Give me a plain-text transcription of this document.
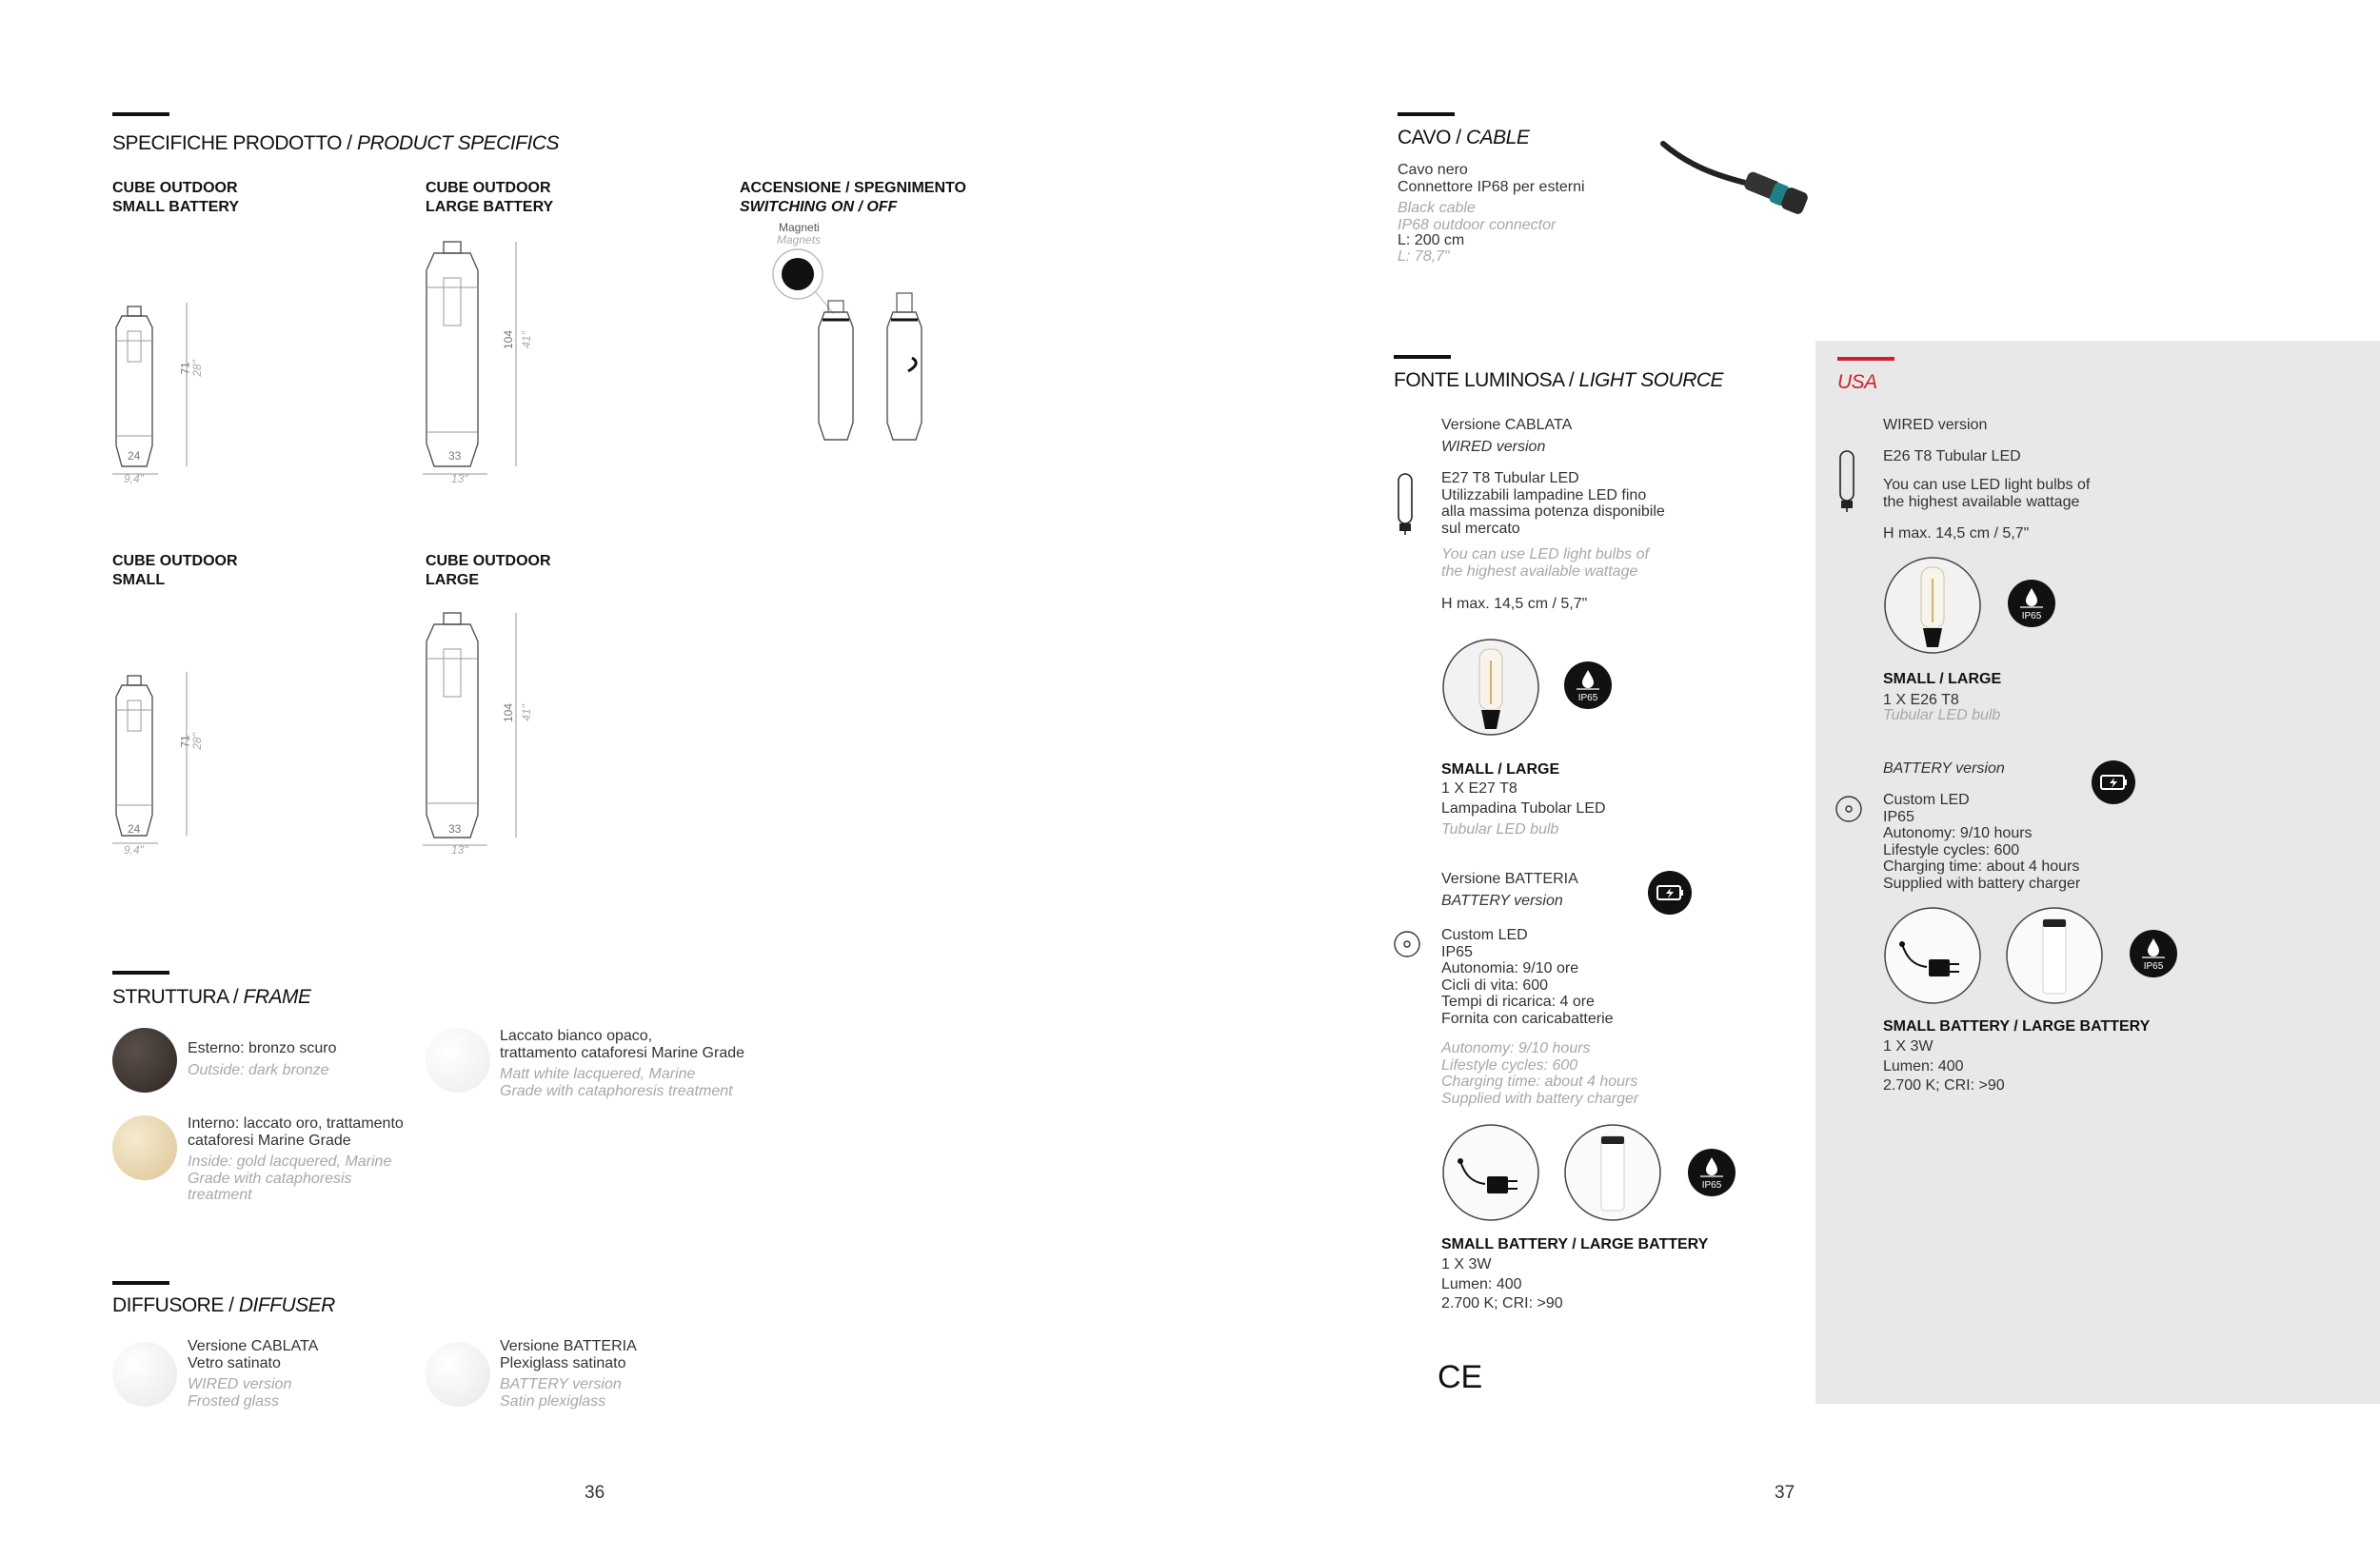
SPECIFICHE PRODOTTO / PRODUCT SPECIFICS
CUBE OUTDOOR
SMALL BATTERY
71
28"
24
9,4"
CUBE OUTDOOR
LARGE BATTERY
104 41"
33
13"
ACCENSIONE / SPEGNIMENTO
SWITCHING ON / OFF
Magneti
Magnets
CUBE OUTDOOR
SMALL
71
28"
24
9,4"
CUBE OUTDOOR
LARGE
104 41"
33
13"
STRUTTURA / FRAME
Esterno: bronzo scuro
Outside: dark bronze
Interno: laccato oro, trattamento
cataforesi Marine Grade
Inside: gold lacquered, Marine
Grade with cataphoresis
treatment
Laccato bianco opaco,
trattamento cataforesi Marine Grade
Matt white lacquered, Marine
Grade with cataphoresis treatment
DIFFUSORE / DIFFUSER
Versione CABLATA
Vetro satinato
WIRED version
Frosted glass
Versione BATTERIA
Plexiglass satinato
BATTERY version
Satin plexiglass
36
CAVO / CABLE
Cavo nero
Connettore IP68 per esterni
Black cable
IP68 outdoor connector
L: 200 cm
L: 78,7"
FONTE LUMINOSA / LIGHT SOURCE
Versione CABLATA
WIRED version
E27 T8 Tubular LED
Utilizzabili lampadine LED fino
alla massima potenza disponibile
sul mercato
You can use LED light bulbs of
the highest available wattage
H max. 14,5 cm / 5,7"
IP65
SMALL / LARGE
1 X E27 T8
Lampadina Tubolar LED
Tubular LED bulb
Versione BATTERIA
BATTERY version
Custom LED
IP65
Autonomia: 9/10 ore
Cicli di vita: 600
Tempi di ricarica: 4 ore
Fornita con caricabatterie
Autonomy: 9/10 hours
Lifestyle cycles: 600
Charging time: about 4 hours
Supplied with battery charger
IP65
SMALL BATTERY / LARGE BATTERY
1 X 3W
Lumen: 400
2.700 K; CRI: >90
CE
USA
WIRED version
E26 T8 Tubular LED
You can use LED light bulbs of
the highest available wattage
H max. 14,5 cm / 5,7"
IP65
SMALL / LARGE
1 X E26 T8
Tubular LED bulb
BATTERY version
Custom LED
IP65
Autonomy: 9/10 hours
Lifestyle cycles: 600
Charging time: about 4 hours
Supplied with battery charger
IP65
SMALL BATTERY / LARGE BATTERY
1 X 3W
Lumen: 400
2.700 K; CRI: >90
37
